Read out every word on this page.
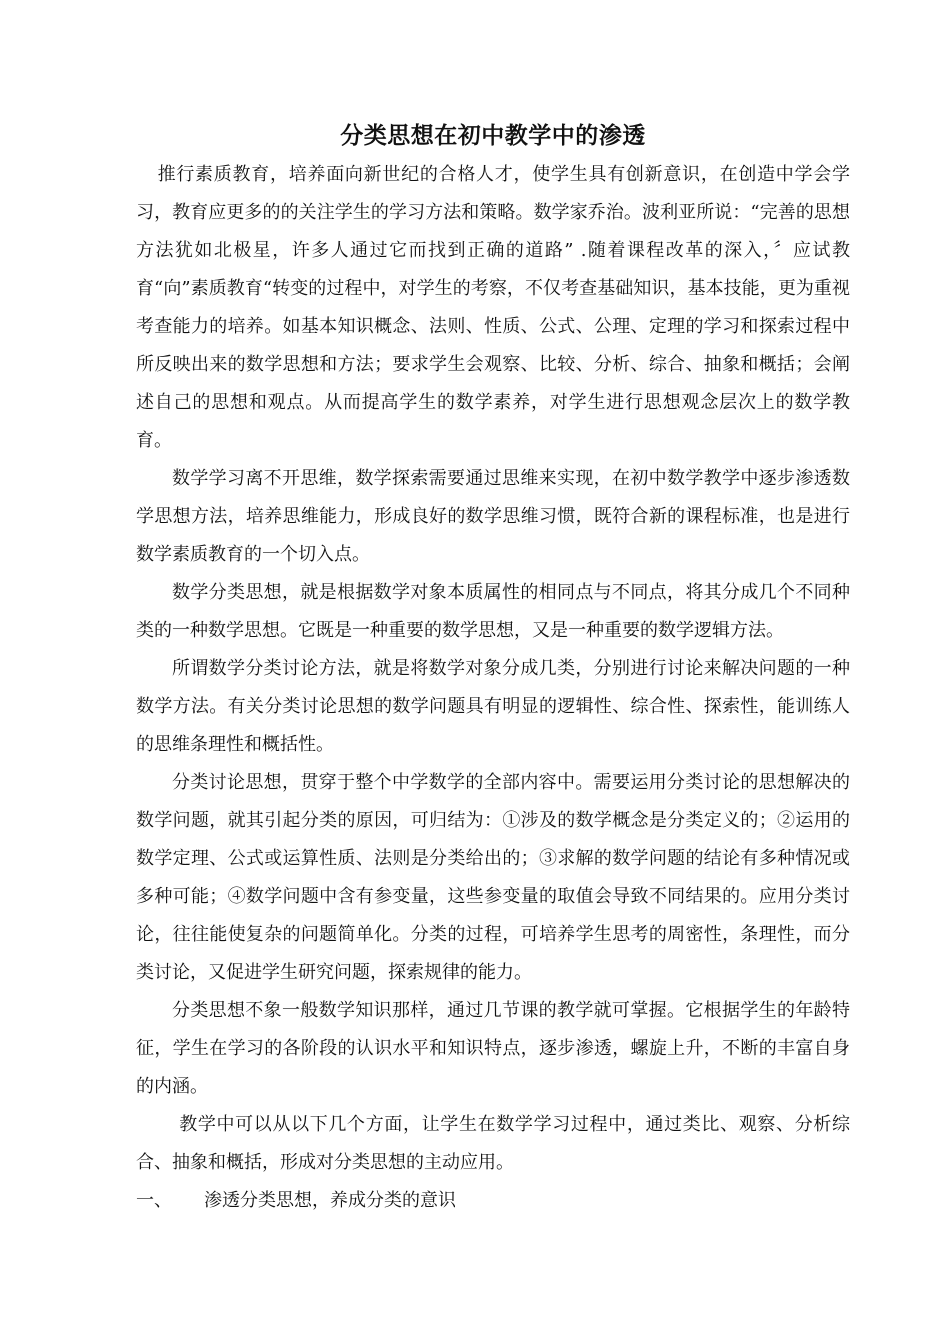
分类思想在初中教学中的渗透

推行素质教育，培养面向新世纪的合格人才，使学生具有创新意识，在创造中学会学习，教育应更多的的关注学生的学习方法和策略。数学家乔治。波利亚所说：“完善的思想方法犹如北极星，许多人通过它而找到正确的道路” .随着课程改革的深入，〞应试教育“向”素质教育“转变的过程中，对学生的考察，不仅考查基础知识，基本技能，更为重视考查能力的培养。如基本知识概念、法则、性质、公式、公理、定理的学习和探索过程中所反映出来的数学思想和方法；要求学生会观察、比较、分析、综合、抽象和概括；会阐述自己的思想和观点。从而提高学生的数学素养，对学生进行思想观念层次上的数学教育。

数学学习离不开思维，数学探索需要通过思维来实现，在初中数学教学中逐步渗透数学思想方法，培养思维能力，形成良好的数学思维习惯，既符合新的课程标准，也是进行数学素质教育的一个切入点。

数学分类思想，就是根据数学对象本质属性的相同点与不同点，将其分成几个不同种类的一种数学思想。它既是一种重要的数学思想，又是一种重要的数学逻辑方法。

所谓数学分类讨论方法，就是将数学对象分成几类，分别进行讨论来解决问题的一种数学方法。有关分类讨论思想的数学问题具有明显的逻辑性、综合性、探索性，能训练人的思维条理性和概括性。

分类讨论思想，贯穿于整个中学数学的全部内容中。需要运用分类讨论的思想解决的数学问题，就其引起分类的原因，可归结为：①涉及的数学概念是分类定义的；②运用的数学定理、公式或运算性质、法则是分类给出的；③求解的数学问题的结论有多种情况或多种可能；④数学问题中含有参变量，这些参变量的取值会导致不同结果的。应用分类讨论，往往能使复杂的问题简单化。分类的过程，可培养学生思考的周密性，条理性，而分类讨论，又促进学生研究问题，探索规律的能力。

分类思想不象一般数学知识那样，通过几节课的教学就可掌握。它根据学生的年龄特征，学生在学习的各阶段的认识水平和知识特点，逐步渗透，螺旋上升，不断的丰富自身的内涵。

教学中可以从以下几个方面，让学生在数学学习过程中，通过类比、观察、分析综合、抽象和概括，形成对分类思想的主动应用。

一、	渗透分类思想，养成分类的意识
